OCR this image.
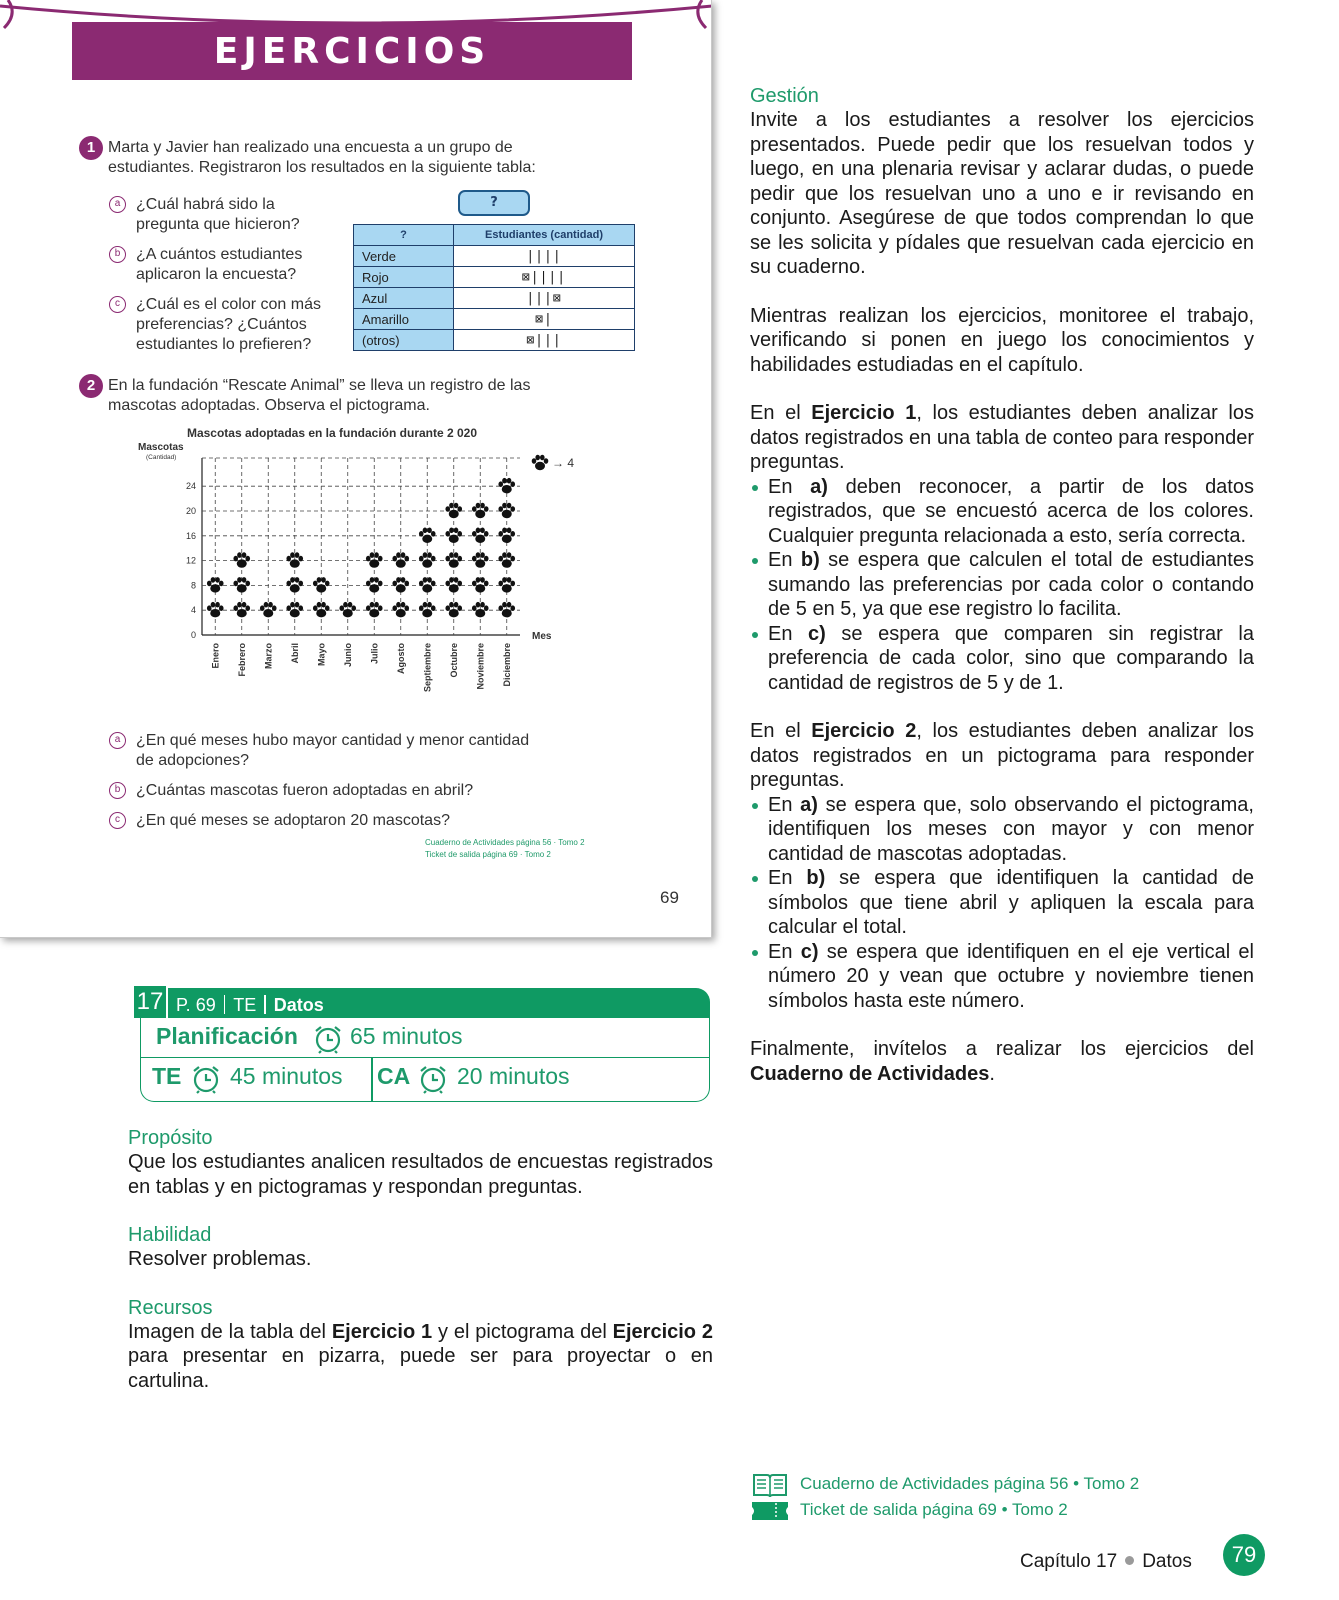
EJERCICIOS
1 Marta y Javier han realizado una encuesta a un grupo de
estudiantes. Registraron los resultados en la siguiente tabla:
a ¿Cuál habrá sido la
pregunta que hicieron?
b ¿A cuántos estudiantes
aplicaron la encuesta?
c	¿Cuál es el color con más
preferencias? ¿Cuántos
estudiantes lo prefieren?
?
?	Estudiantes (cantidad)
Verde	||||
Rojo	⊠||||
Azul	|||⊠
Amarillo	⊠|
(otros)	⊠|||
2 En la fundación “Rescate Animal” se lleva un registro de las
mascotas adoptadas. Observa el pictograma.
Mascotas adoptadas en la fundación durante 2 020
Mascotas
(Cantidad)
Mes
0
4
8
12
16
20
24
Enero Febrero Marzo Abril Mayo Junio Julio Agosto Septiembre Octubre Noviembre Diciembre
→ 4
a ¿En qué meses hubo mayor cantidad y menor cantidad
de adopciones?
b ¿Cuántas mascotas fueron adoptadas en abril?
c	¿En qué meses se adoptaron 20 mascotas?
Cuaderno de Actividades página 56 · Tomo 2
Ticket de salida página 69 · Tomo 2
69
17 P. 69 TE Datos
Planificación 65 minutos
TE 45 minutos CA 20 minutos
Propósito

Que los estudiantes analicen resultados de encuestas registrados en tablas y en pictogramas y respondan preguntas.

Habilidad

Resolver problemas.

Recursos

Imagen de la tabla del Ejercicio 1 y el pictograma del Ejercicio 2 para presentar en pizarra, puede ser para proyectar o en cartulina.

Gestión

Invite a los estudiantes a resolver los ejercicios presentados. Puede pedir que los resuelvan todos y luego, en una plenaria revisar y aclarar dudas, o puede pedir que los resuelvan uno a uno e ir revisando en conjunto. Asegúrese de que todos comprendan lo que se les solicita y pídales que resuelvan cada ejercicio en su cuaderno.

Mientras realizan los ejercicios, monitoree el trabajo, verificando si ponen en juego los conocimientos y habilidades estudiadas en el capítulo.

En el Ejercicio 1, los estudiantes deben analizar los datos registrados en una tabla de conteo para responder preguntas.

En a) deben reconocer, a partir de los datos registrados, que se encuestó acerca de los colores. Cualquier pregunta relacionada a esto, sería correcta.
En b) se espera que calculen el total de estudiantes sumando las preferencias por cada color o contando de 5 en 5, ya que ese registro lo facilita.
En c) se espera que comparen sin registrar la preferencia de cada color, sino que comparando la cantidad de registros de 5 y de 1.

En el Ejercicio 2, los estudiantes deben analizar los datos registrados en un pictograma para responder preguntas.

En a) se espera que, solo observando el pictograma, identifiquen los meses con mayor y con menor cantidad de mascotas adoptadas.
En b) se espera que identifiquen la cantidad de símbolos que tiene abril y apliquen la escala para calcular el total.
En c) se espera que identifiquen en el eje vertical el número 20 y vean que octubre y noviembre tienen símbolos hasta este número.

Finalmente, invítelos a realizar los ejercicios del Cuaderno de Actividades.

Cuaderno de Actividades página 56 • Tomo 2
Ticket de salida página 69 • Tomo 2
Capítulo 17 Datos	79
